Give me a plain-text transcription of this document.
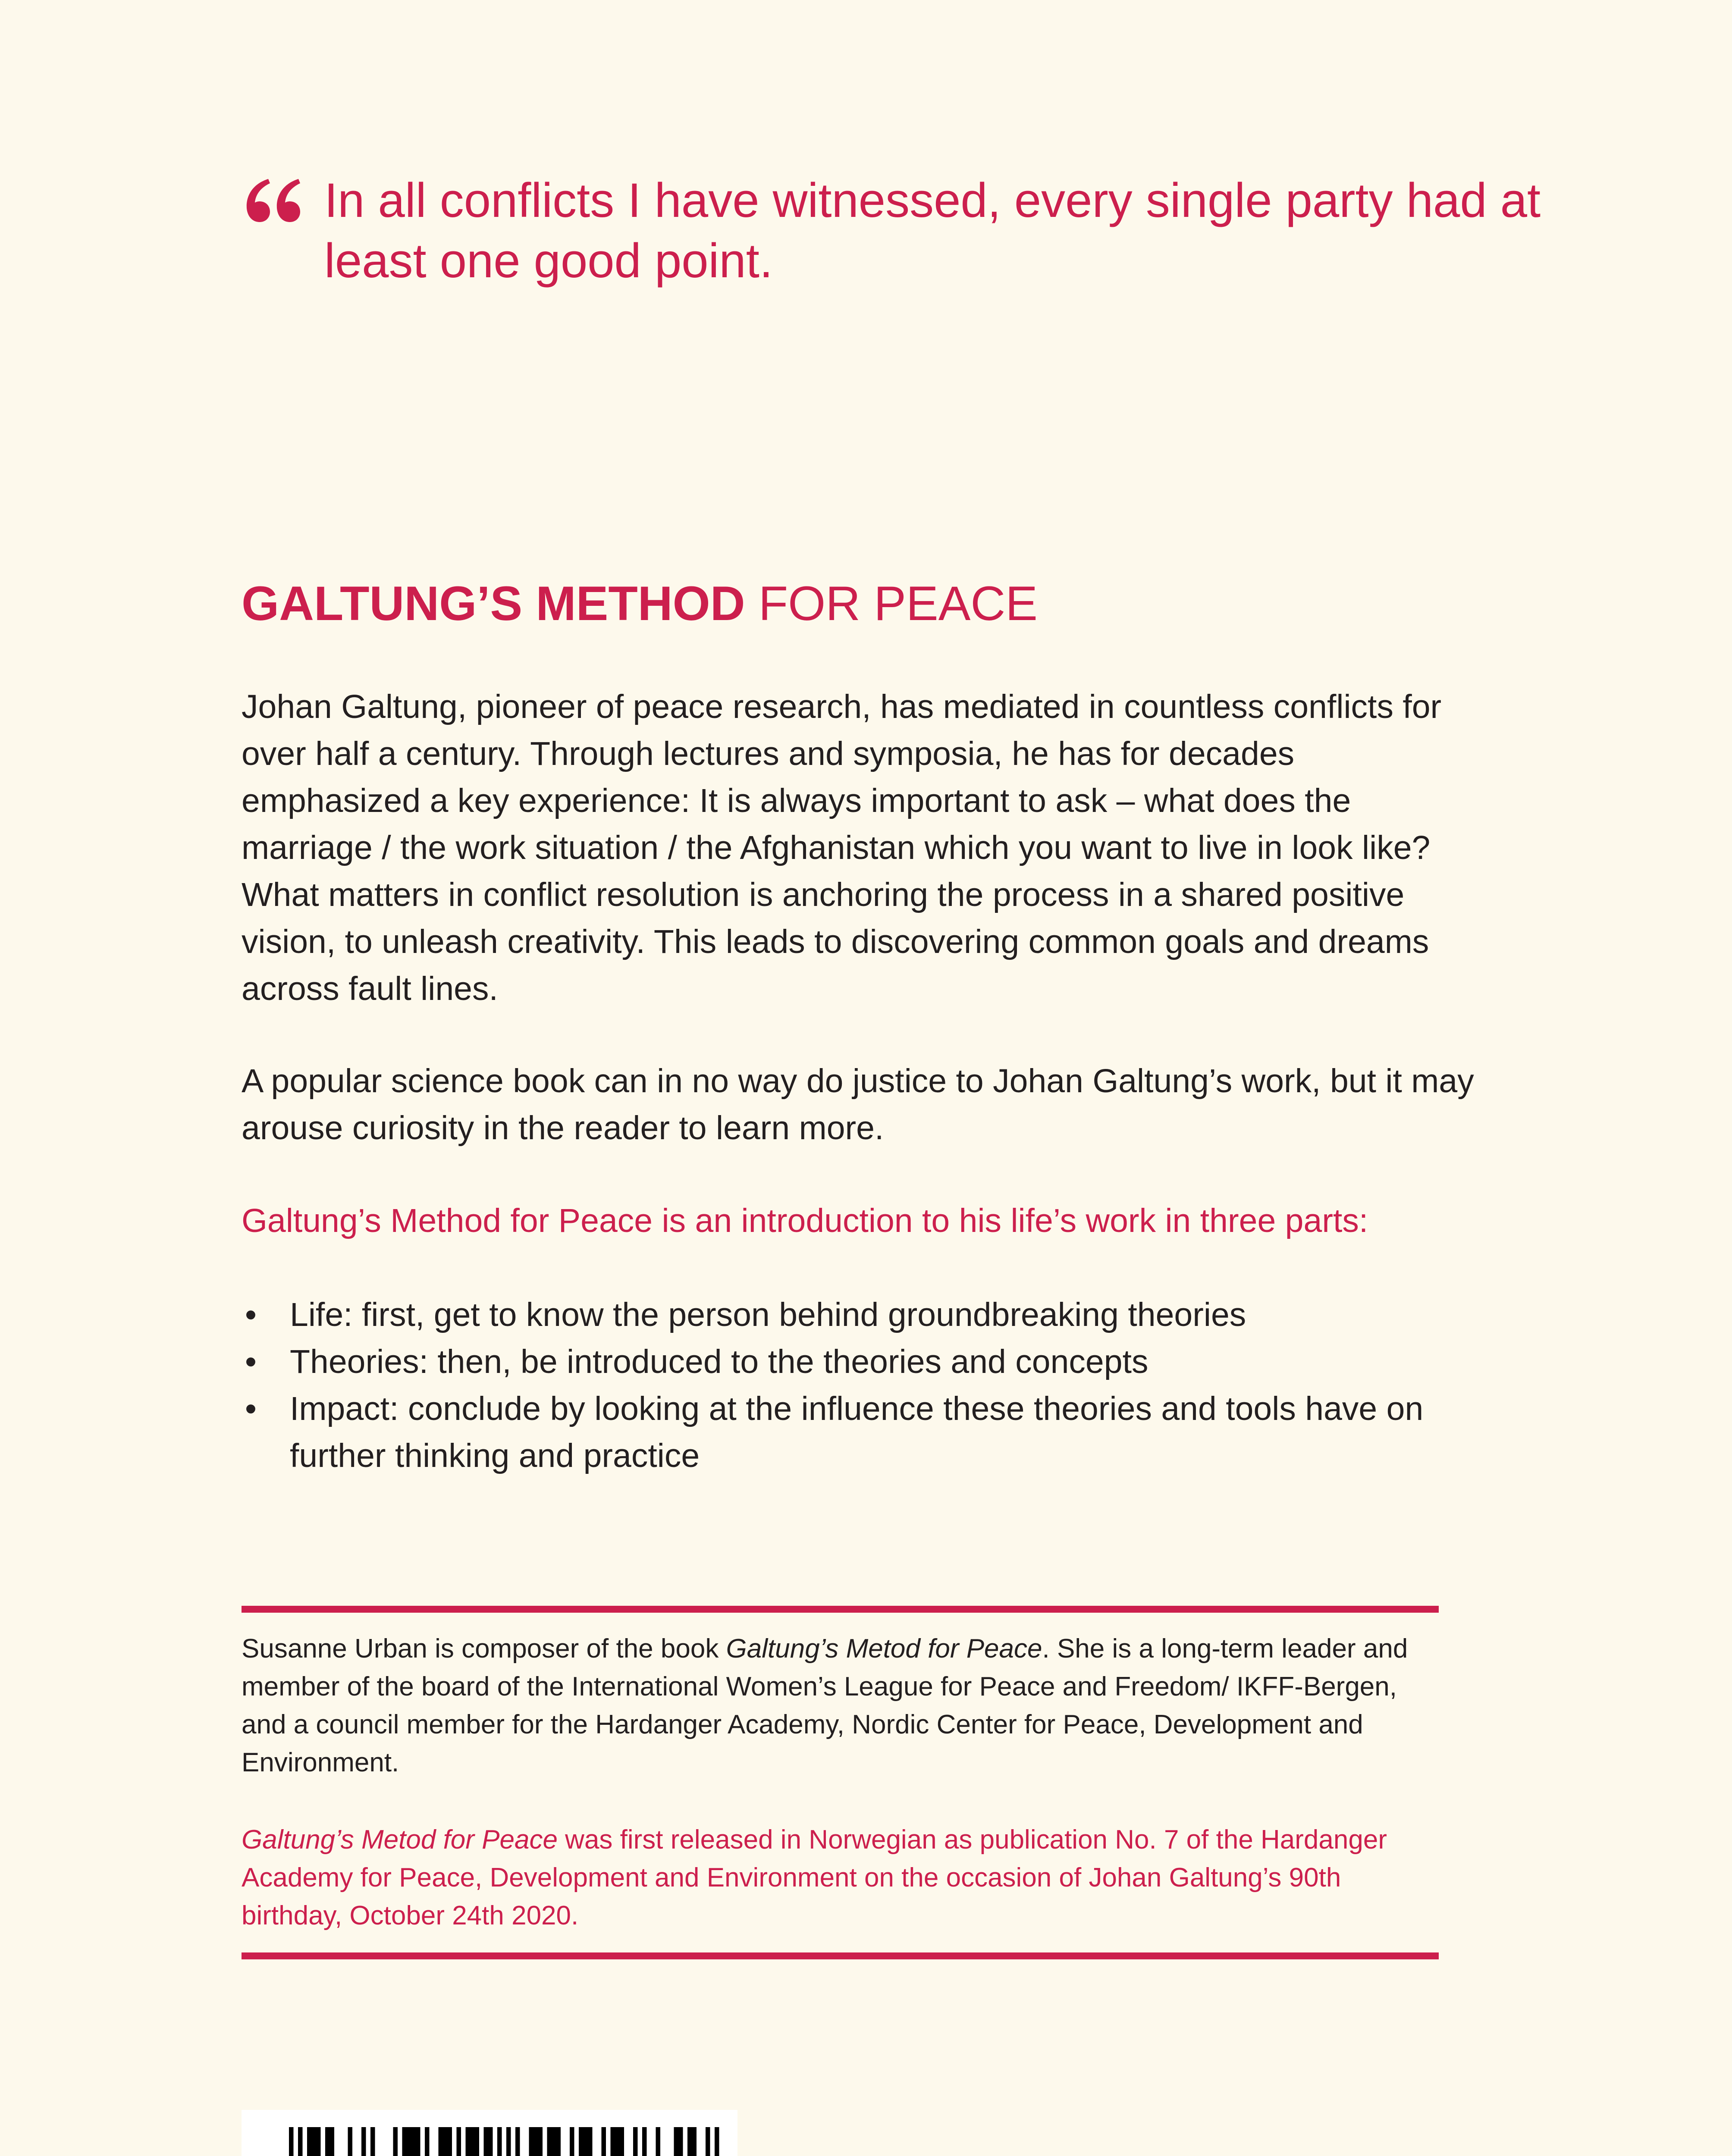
In all conflicts I have witnessed, every single party had at least one good point.

GALTUNG’S METHOD FOR PEACE

Johan Galtung, pioneer of peace research, has mediated in countless conflicts for over half a century. Through lectures and symposia, he has for decades emphasized a key experience: It is always important to ask – what does the marriage / the work situation / the Afghanistan which you want to live in look like? What matters in conflict resolution is anchoring the process in a shared positive vision, to unleash creativity. This leads to discovering common goals and dreams across fault lines.

A popular science book can in no way do justice to Johan Galtung’s work, but it may arouse curiosity in the reader to learn more.

Galtung’s Method for Peace is an introduction to his life’s work in three parts:

• Life: first, get to know the person behind groundbreaking theories
• Theories: then, be introduced to the theories and concepts
• Impact: conclude by looking at the influence these theories and tools have on further thinking and practice

Susanne Urban is composer of the book Galtung’s Metod for Peace. She is a long-term leader and member of the board of the International Women’s League for Peace and Freedom/ IKFF-Bergen, and a council member for the Hardanger Academy, Nordic Center for Peace, Development and Environment.

Galtung’s Metod for Peace was first released in Norwegian as publication No. 7 of the Hardanger Academy for Peace, Development and Environment on the occasion of Johan Galtung’s 90th birthday, October 24th 2020.
